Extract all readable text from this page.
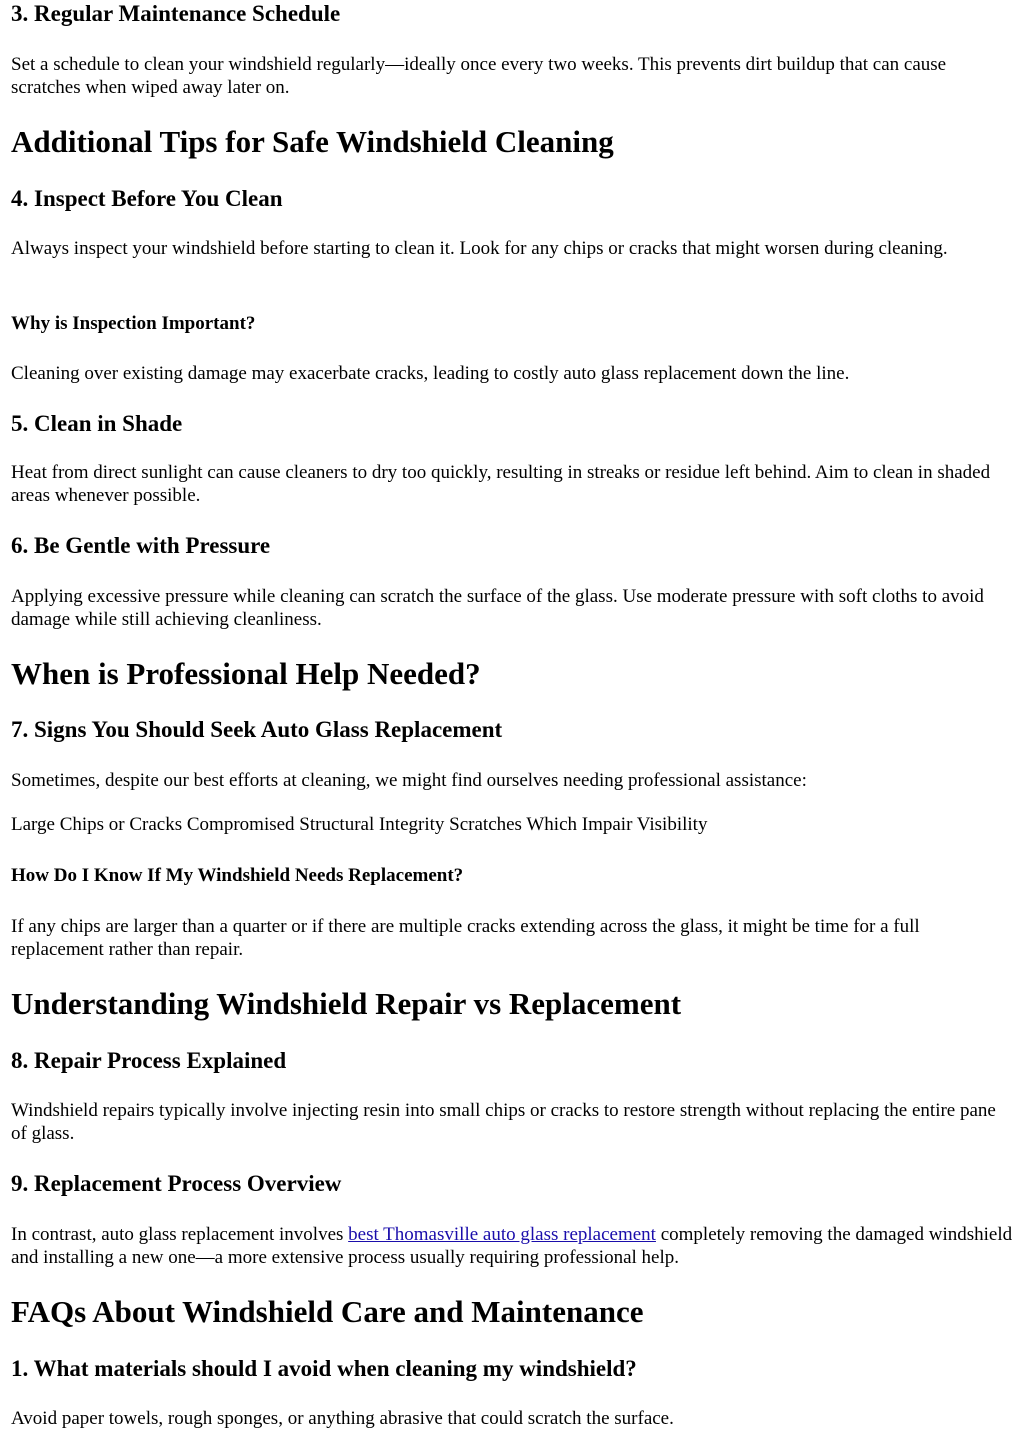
3. Regular Maintenance Schedule

Set a schedule to clean your windshield regularly—ideally once every two weeks. This prevents dirt buildup that can cause scratches when wiped away later on.

Additional Tips for Safe Windshield Cleaning
4. Inspect Before You Clean

Always inspect your windshield before starting to clean it. Look for any chips or cracks that might worsen during cleaning.

Why is Inspection Important?

Cleaning over existing damage may exacerbate cracks, leading to costly auto glass replacement down the line.

5. Clean in Shade

Heat from direct sunlight can cause cleaners to dry too quickly, resulting in streaks or residue left behind. Aim to clean in shaded areas whenever possible.

6. Be Gentle with Pressure

Applying excessive pressure while cleaning can scratch the surface of the glass. Use moderate pressure with soft cloths to avoid damage while still achieving cleanliness.

When is Professional Help Needed?
7. Signs You Should Seek Auto Glass Replacement

Sometimes, despite our best efforts at cleaning, we might find ourselves needing professional assistance:

Large Chips or Cracks Compromised Structural Integrity Scratches Which Impair Visibility

How Do I Know If My Windshield Needs Replacement?

If any chips are larger than a quarter or if there are multiple cracks extending across the glass, it might be time for a full replacement rather than repair.

Understanding Windshield Repair vs Replacement
8. Repair Process Explained

Windshield repairs typically involve injecting resin into small chips or cracks to restore strength without replacing the entire pane of glass.

9. Replacement Process Overview

In contrast, auto glass replacement involves best Thomasville auto glass replacement completely removing the damaged windshield and installing a new one—a more extensive process usually requiring professional help.

FAQs About Windshield Care and Maintenance
1. What materials should I avoid when cleaning my windshield?

Avoid paper towels, rough sponges, or anything abrasive that could scratch the surface.
